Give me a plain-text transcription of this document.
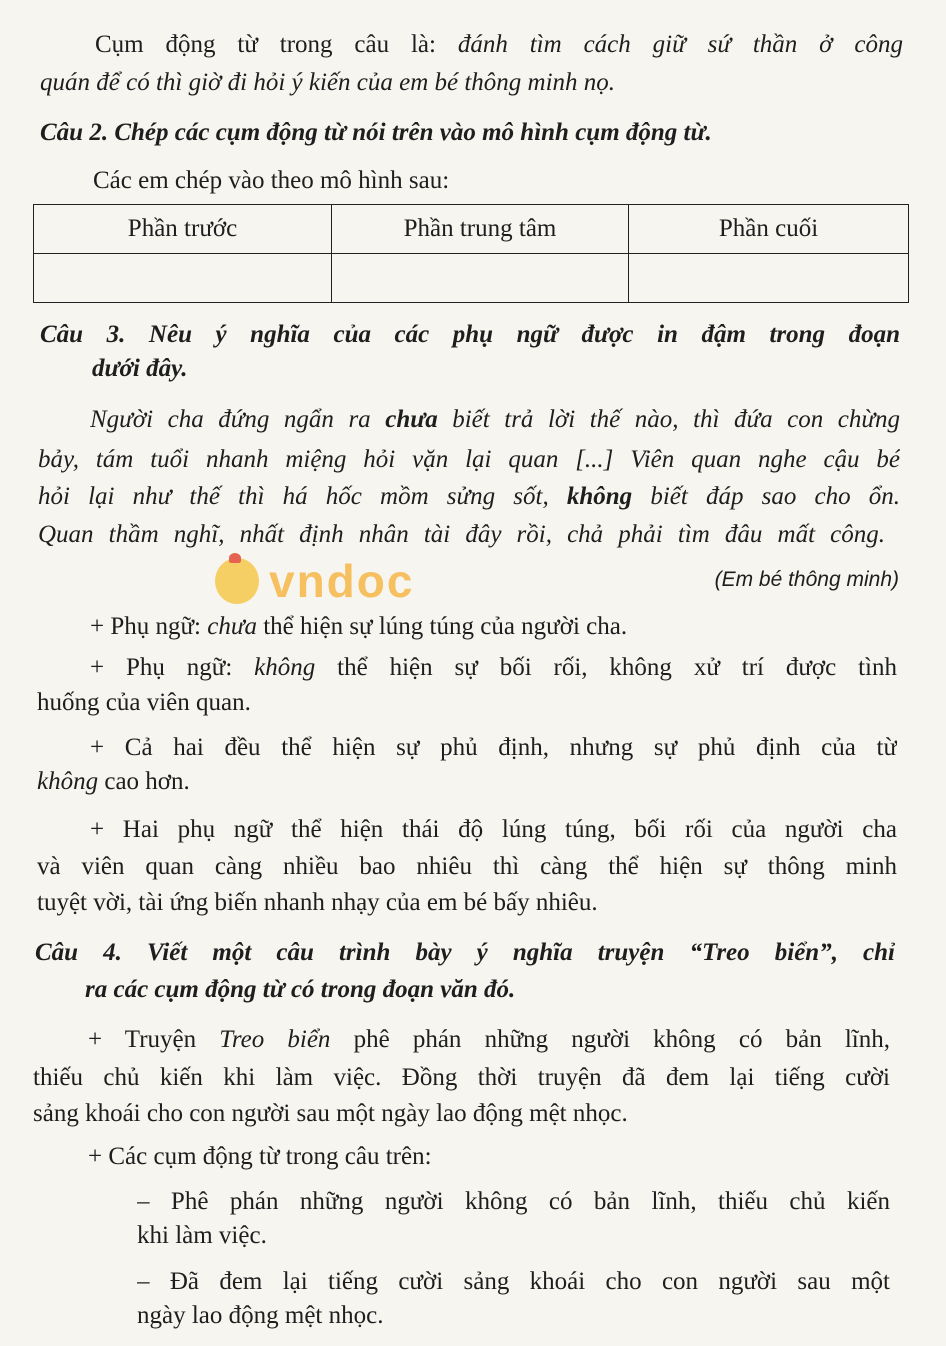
Cụm động từ trong câu là: đánh tìm cách giữ sứ thần ở công
quán để có thì giờ đi hỏi ý kiến của em bé thông minh nọ.
Câu 2. Chép các cụm động từ nói trên vào mô hình cụm động từ.
Các em chép vào theo mô hình sau:
Phần trước	Phần trung tâm	Phần cuối

Câu 3. Nêu ý nghĩa của các phụ ngữ được in đậm trong đoạn
dưới đây.
Người cha đứng ngẩn ra chưa biết trả lời thế nào, thì đứa con chừng
bảy, tám tuổi nhanh miệng hỏi vặn lại quan [...] Viên quan nghe cậu bé
hỏi lại như thế thì há hốc mồm sửng sốt, không biết đáp sao cho ổn.
Quan thầm nghĩ, nhất định nhân tài đây rồi, chả phải tìm đâu mất công.
(Em bé thông minh)
vndoc
+ Phụ ngữ: chưa thể hiện sự lúng túng của người cha.
+ Phụ ngữ: không thể hiện sự bối rối, không xử trí được tình
huống của viên quan.
+ Cả hai đều thể hiện sự phủ định, nhưng sự phủ định của từ
không cao hơn.
+ Hai phụ ngữ thể hiện thái độ lúng túng, bối rối của người cha
và viên quan càng nhiều bao nhiêu thì càng thể hiện sự thông minh
tuyệt vời, tài ứng biến nhanh nhạy của em bé bấy nhiêu.
Câu 4. Viết một câu trình bày ý nghĩa truyện “Treo biển”, chỉ
ra các cụm động từ có trong đoạn văn đó.
+ Truyện Treo biển phê phán những người không có bản lĩnh,
thiếu chủ kiến khi làm việc. Đồng thời truyện đã đem lại tiếng cười
sảng khoái cho con người sau một ngày lao động mệt nhọc.
+ Các cụm động từ trong câu trên:
– Phê phán những người không có bản lĩnh, thiếu chủ kiến
khi làm việc.
– Đã đem lại tiếng cười sảng khoái cho con người sau một
ngày lao động mệt nhọc.
